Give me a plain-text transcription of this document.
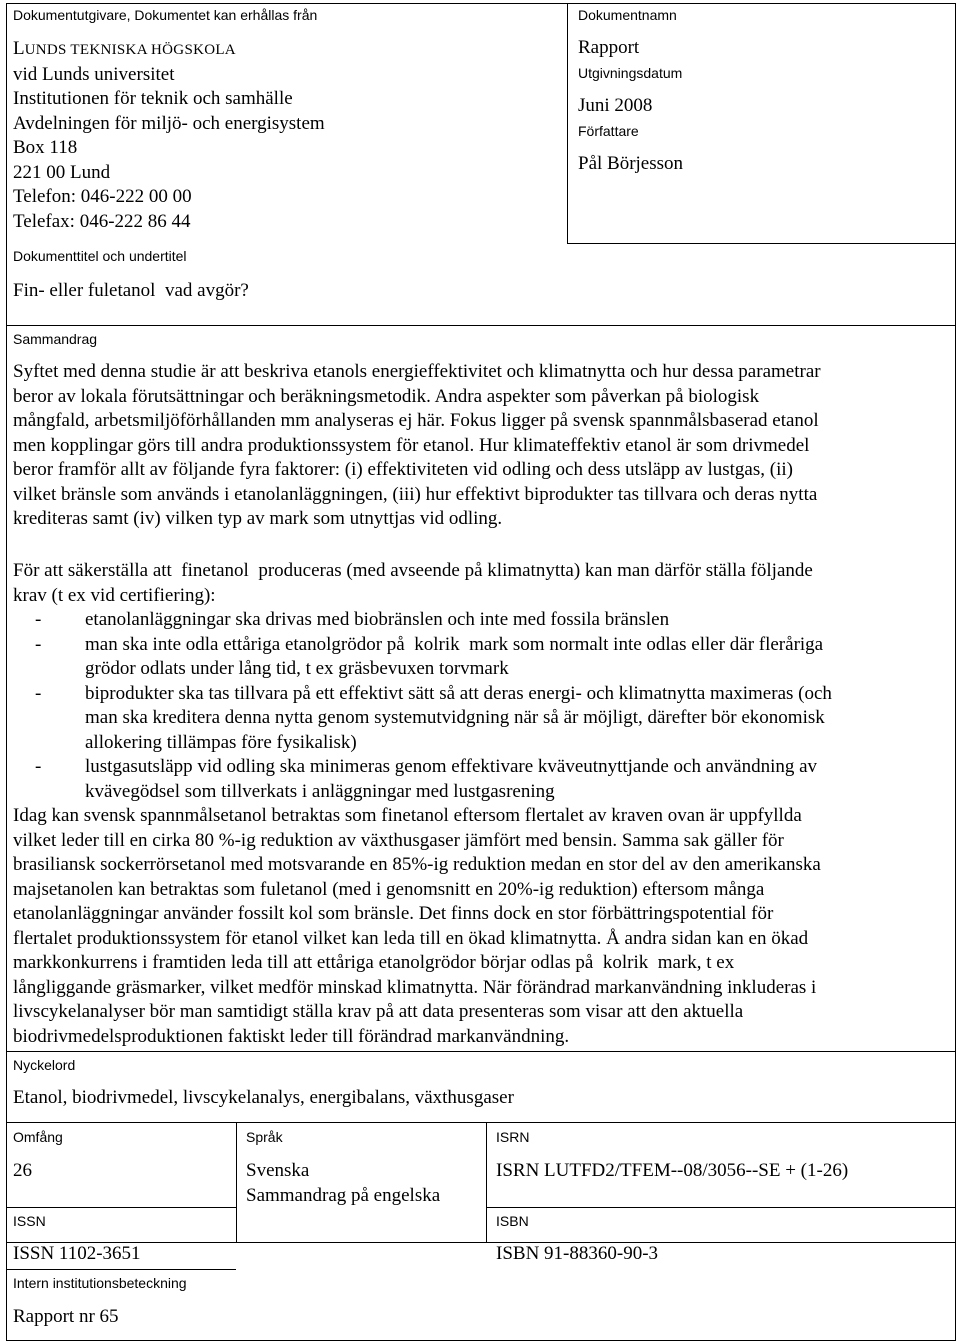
Dokumentutgivare, Dokumentet kan erhållas från
LUNDS TEKNISKA HÖGSKOLA
vid Lunds universitet
Institutionen för teknik och samhälle
Avdelningen för miljö- och energisystem
Box 118
221 00 Lund
Telefon: 046-222 00 00
Telefax: 046-222 86 44
Dokumentnamn
Rapport
Utgivningsdatum
Juni 2008
Författare
Pål Börjesson
Dokumenttitel och undertitel
Fin- eller fuletanol  vad avgör?
Sammandrag
Syftet med denna studie är att beskriva etanols energieffektivitet och klimatnytta och hur dessa parametrar
beror av lokala förutsättningar och beräkningsmetodik. Andra aspekter som påverkan på biologisk
mångfald, arbetsmiljöförhållanden mm analyseras ej här. Fokus ligger på svensk spannmålsbaserad etanol
men kopplingar görs till andra produktionssystem för etanol. Hur klimateffektiv etanol är som drivmedel
beror framför allt av följande fyra faktorer: (i) effektiviteten vid odling och dess utsläpp av lustgas, (ii)
vilket bränsle som används i etanolanläggningen, (iii) hur effektivt biprodukter tas tillvara och deras nytta
krediteras samt (iv) vilken typ av mark som utnyttjas vid odling.
För att säkerställa att  finetanol  produceras (med avseende på klimatnytta) kan man därför ställa följande
krav (t ex vid certifiering):
- etanolanläggningar ska drivas med biobränslen och inte med fossila bränslen
- man ska inte odla ettåriga etanolgrödor på  kolrik  mark som normalt inte odlas eller där fleråriga
grödor odlats under lång tid, t ex gräsbevuxen torvmark
- biprodukter ska tas tillvara på ett effektivt sätt så att deras energi- och klimatnytta maximeras (och
man ska kreditera denna nytta genom systemutvidgning när så är möjligt, därefter bör ekonomisk
allokering tillämpas före fysikalisk)
- lustgasutsläpp vid odling ska minimeras genom effektivare kväveutnyttjande och användning av
kvävegödsel som tillverkats i anläggningar med lustgasrening
Idag kan svensk spannmålsetanol betraktas som finetanol eftersom flertalet av kraven ovan är uppfyllda
vilket leder till en cirka 80 %-ig reduktion av växthusgaser jämfört med bensin. Samma sak gäller för
brasiliansk sockerrörsetanol med motsvarande en 85%-ig reduktion medan en stor del av den amerikanska
majsetanolen kan betraktas som fuletanol (med i genomsnitt en 20%-ig reduktion) eftersom många
etanolanläggningar använder fossilt kol som bränsle. Det finns dock en stor förbättringspotential för
flertalet produktionssystem för etanol vilket kan leda till en ökad klimatnytta. Å andra sidan kan en ökad
markkonkurrens i framtiden leda till att ettåriga etanolgrödor börjar odlas på  kolrik  mark, t ex
långliggande gräsmarker, vilket medför minskad klimatnytta. När förändrad markanvändning inkluderas i
livscykelanalyser bör man samtidigt ställa krav på att data presenteras som visar att den aktuella
biodrivmedelsproduktionen faktiskt leder till förändrad markanvändning.
Nyckelord
Etanol, biodrivmedel, livscykelanalys, energibalans, växthusgaser
Omfång
26
Språk
Svenska
Sammandrag på engelska
ISRN
ISRN LUTFD2/TFEM--08/3056--SE + (1-26)
ISSN
ISSN 1102-3651
ISBN
ISBN 91-88360-90-3
Intern institutionsbeteckning
Rapport nr 65
